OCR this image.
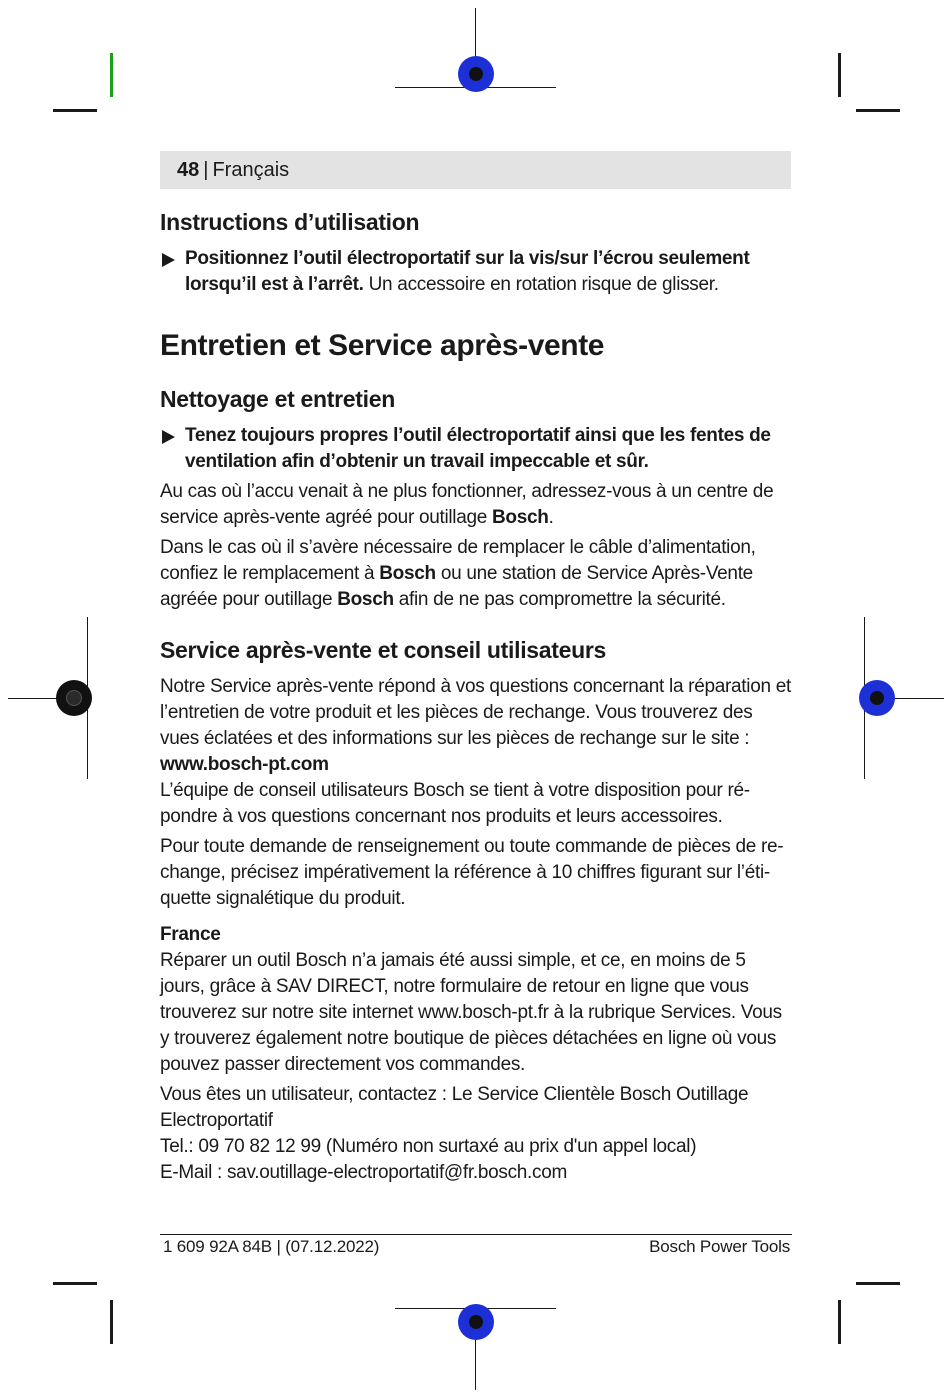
48 | Français
Instructions d’utilisation
Positionnez l’outil électroportatif sur la vis/sur l’écrou seulement lorsqu’il est à l’arrêt. Un accessoire en rotation risque de glisser.
Entretien et Service après-vente
Nettoyage et entretien
Tenez toujours propres l’outil électroportatif ainsi que les fentes de ventilation afin d’obtenir un travail impeccable et sûr.

Au cas où l’accu venait à ne plus fonctionner, adressez-vous à un centre de service après-vente agréé pour outillage Bosch.

Dans le cas où il s’avère nécessaire de remplacer le câble d’alimentation, confiez le remplacement à Bosch ou une station de Service Après-Vente agréée pour outillage Bosch afin de ne pas compromettre la sécurité.

Service après-vente et conseil utilisateurs

Notre Service après-vente répond à vos questions concernant la réparation et l’entretien de votre produit et les pièces de rechange. Vous trouverez des vues éclatées et des informations sur les pièces de rechange sur le site :

www.bosch-pt.com

L’équipe de conseil utilisateurs Bosch se tient à votre disposition pour ré-pondre à vos questions concernant nos produits et leurs accessoires.

Pour toute demande de renseignement ou toute commande de pièces de re-change, précisez impérativement la référence à 10 chiffres figurant sur l’éti-quette signalétique du produit.

France

Réparer un outil Bosch n’a jamais été aussi simple, et ce, en moins de 5 jours, grâce à SAV DIRECT, notre formulaire de retour en ligne que vous trouverez sur notre site internet www.bosch-pt.fr à la rubrique Services. Vous y trouverez également notre boutique de pièces détachées en ligne où vous pouvez passer directement vos commandes.

Vous êtes un utilisateur, contactez : Le Service Clientèle Bosch Outillage Electroportatif

Tel.: 09 70 82 12 99 (Numéro non surtaxé au prix d'un appel local)

E-Mail : sav.outillage-electroportatif@fr.bosch.com

1 609 92A 84B | (07.12.2022)	Bosch Power Tools
